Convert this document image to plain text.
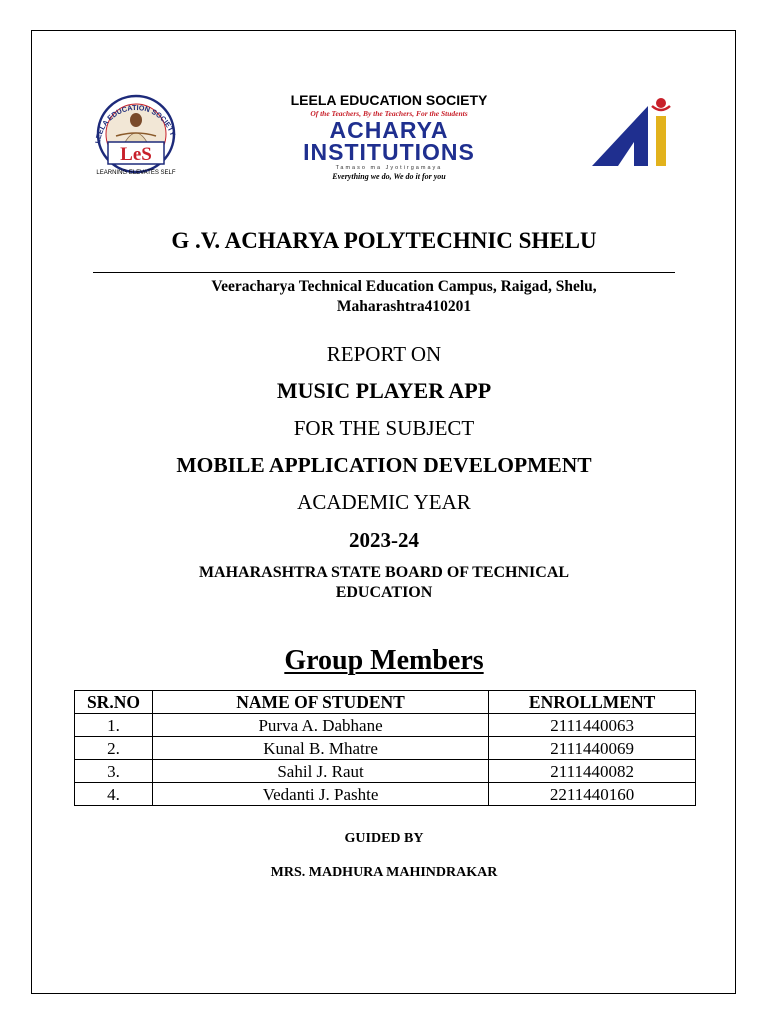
LEELA EDUCATION SOCIETY
LeS
LEARNING ELEVATES SELF
LEELA EDUCATION SOCIETY
Of the Teachers, By the Teachers, For the Students
ACHARYA
INSTITUTIONS
Tamaso ma Jyotirgamaya
Everything we do, We do it for you
G .V. ACHARYA POLYTECHNIC SHELU
Veeracharya Technical Education Campus, Raigad, Shelu,
Maharashtra410201
REPORT ON
MUSIC PLAYER APP
FOR THE SUBJECT
MOBILE APPLICATION DEVELOPMENT
ACADEMIC YEAR
2023-24
MAHARASHTRA STATE BOARD OF TECHNICAL
EDUCATION
Group Members
SR.NO	NAME OF STUDENT	ENROLLMENT
1.	Purva A. Dabhane	2111440063
2.	Kunal B. Mhatre	2111440069
3.	Sahil J. Raut	2111440082
4.	Vedanti J. Pashte	2211440160
GUIDED BY
MRS. MADHURA MAHINDRAKAR
